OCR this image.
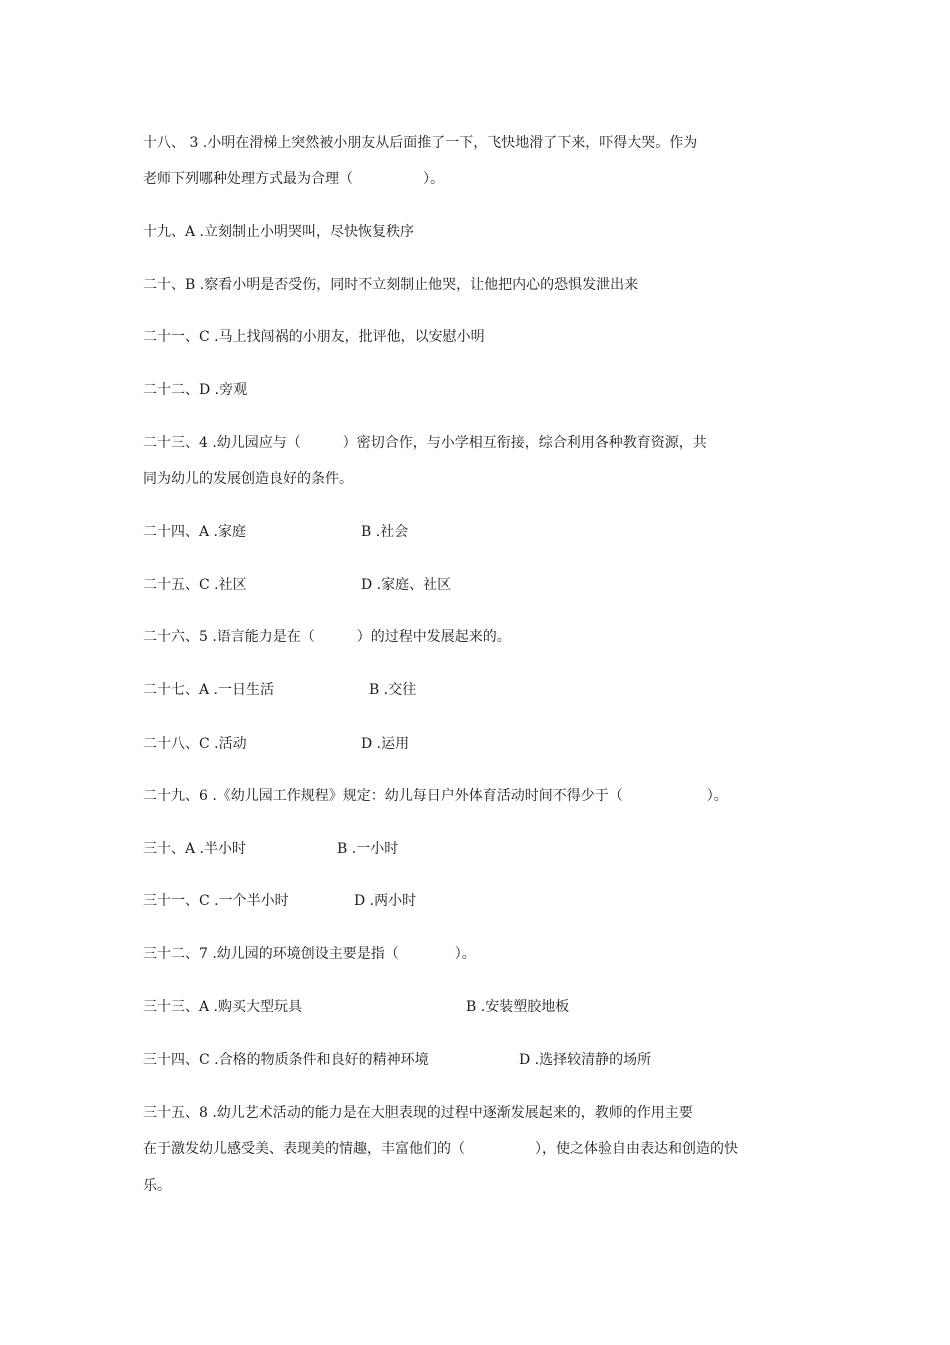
十八、 3 .小明在滑梯上突然被小朋友从后面推了一下，飞快地滑了下来，吓得大哭。作为
老师下列哪种处理方式最为合理（　　　　　）。
十九、A .立刻制止小明哭叫，尽快恢复秩序
二十、B .察看小明是否受伤，同时不立刻制止他哭，让他把内心的恐惧发泄出来
二十一、C .马上找闯祸的小朋友，批评他，以安慰小明
二十二、D .旁观
二十三、4 .幼儿园应与（　　　）密切合作，与小学相互衔接，综合利用各种教育资源，共
同为幼儿的发展创造良好的条件。
二十四、A .家庭	B .社会
二十五、C .社区	D .家庭、社区
二十六、5 .语言能力是在（　　　）的过程中发展起来的。
二十七、A .一日生活	B .交往
二十八、C .活动	D .运用
二十九、6 .《幼儿园工作规程》规定：幼儿每日户外体育活动时间不得少于（　　　　　　）。
三十、A .半小时	B .一小时
三十一、C .一个半小时	D .两小时
三十二、7 .幼儿园的环境创设主要是指（　　　　）。
三十三、A .购买大型玩具	B .安装塑胶地板
三十四、C .合格的物质条件和良好的精神环境	D .选择较清静的场所
三十五、8 .幼儿艺术活动的能力是在大胆表现的过程中逐渐发展起来的，教师的作用主要
在于激发幼儿感受美、表现美的情趣，丰富他们的（　　　　　），使之体验自由表达和创造的快
乐。
